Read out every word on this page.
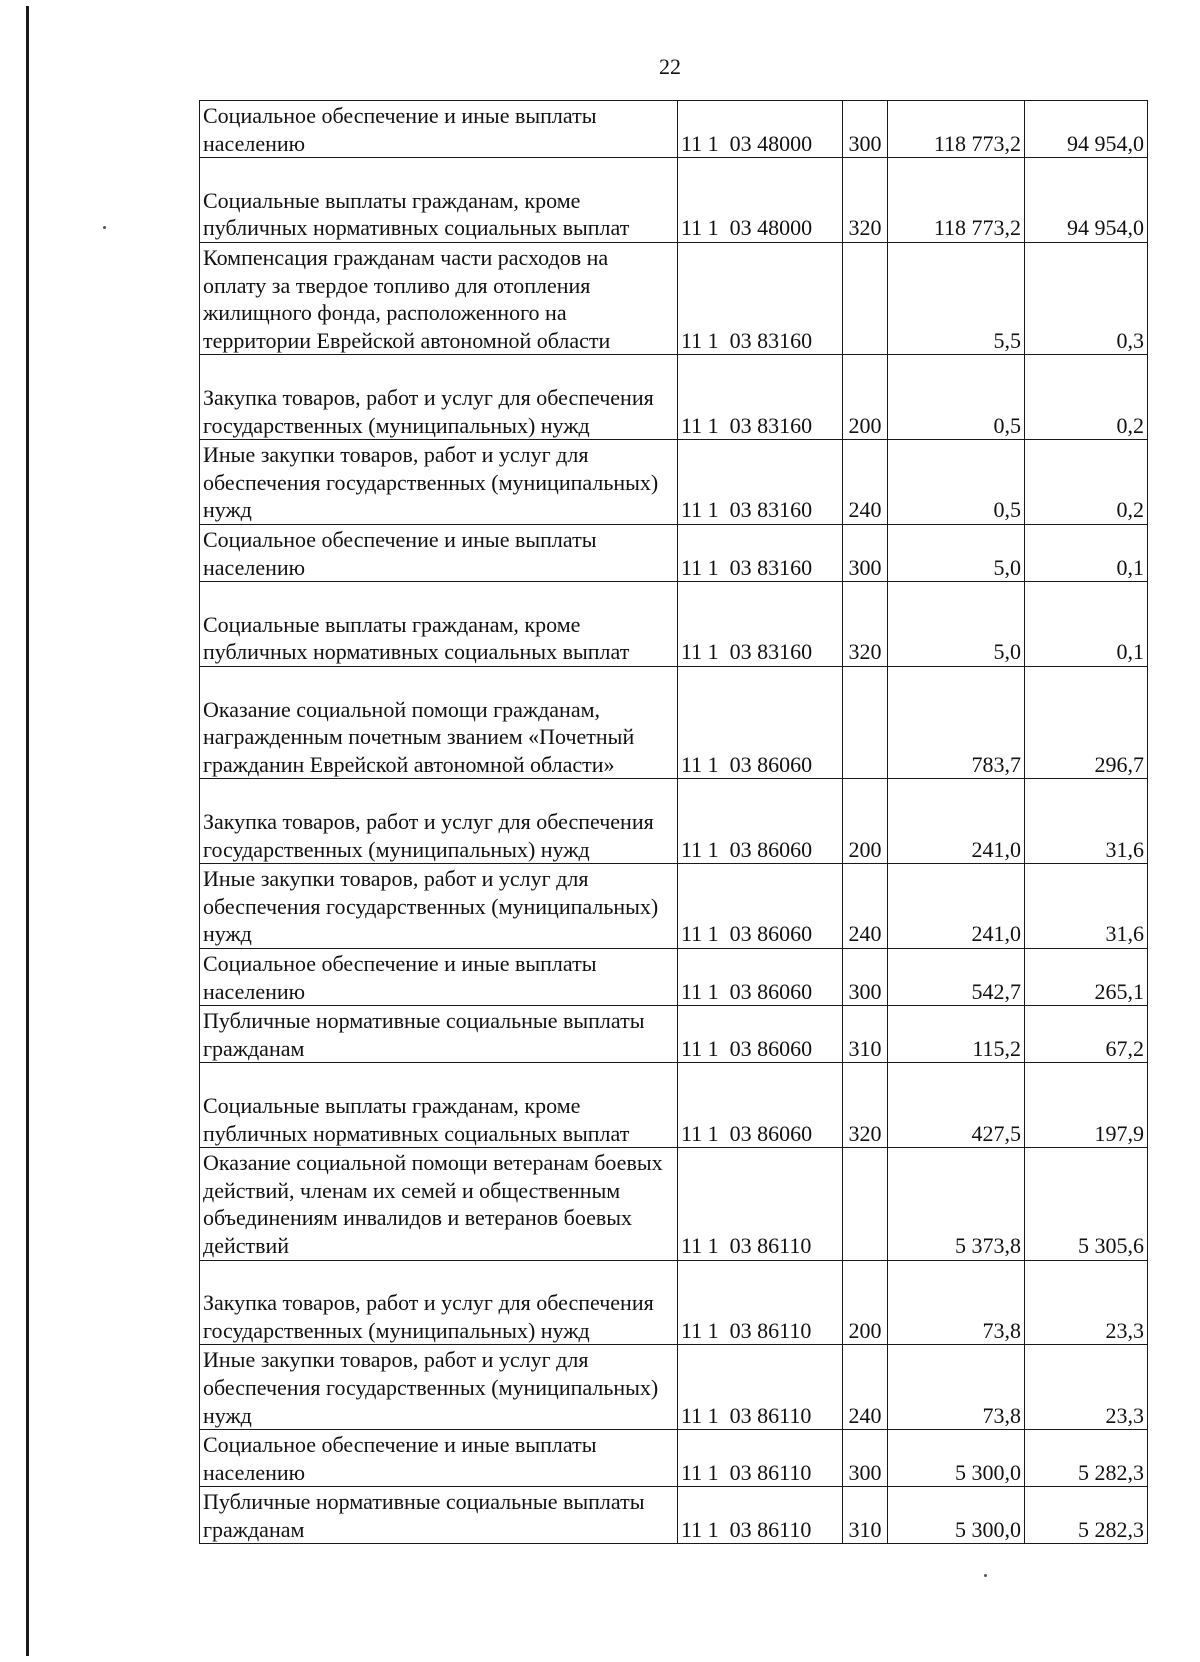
22
Социальное обеспечение и иные выплаты населению	11 1  03 48000	300	118 773,2	94 954,0
Социальные выплаты гражданам, кроме публичных нормативных социальных выплат	11 1  03 48000	320	118 773,2	94 954,0
Компенсация гражданам части расходов на оплату за твердое топливо для отопления жилищного фонда, расположенного на территории Еврейской автономной области	11 1  03 83160		5,5	0,3
Закупка товаров, работ и услуг для обеспечения государственных (муниципальных) нужд	11 1  03 83160	200	0,5	0,2
Иные закупки товаров, работ и услуг для обеспечения государственных (муниципальных) нужд	11 1  03 83160	240	0,5	0,2
Социальное обеспечение и иные выплаты населению	11 1  03 83160	300	5,0	0,1
Социальные выплаты гражданам, кроме публичных нормативных социальных выплат	11 1  03 83160	320	5,0	0,1
Оказание социальной помощи гражданам, награжденным почетным званием «Почетный гражданин Еврейской автономной области»	11 1  03 86060		783,7	296,7
Закупка товаров, работ и услуг для обеспечения государственных (муниципальных) нужд	11 1  03 86060	200	241,0	31,6
Иные закупки товаров, работ и услуг для обеспечения государственных (муниципальных) нужд	11 1  03 86060	240	241,0	31,6
Социальное обеспечение и иные выплаты населению	11 1  03 86060	300	542,7	265,1
Публичные нормативные социальные выплаты гражданам	11 1  03 86060	310	115,2	67,2
Социальные выплаты гражданам, кроме публичных нормативных социальных выплат	11 1  03 86060	320	427,5	197,9
Оказание социальной помощи ветеранам боевых действий, членам их семей и общественным объединениям инвалидов и ветеранов боевых действий	11 1  03 86110		5 373,8	5 305,6
Закупка товаров, работ и услуг для обеспечения государственных (муниципальных) нужд	11 1  03 86110	200	73,8	23,3
Иные закупки товаров, работ и услуг для обеспечения государственных (муниципальных) нужд	11 1  03 86110	240	73,8	23,3
Социальное обеспечение и иные выплаты населению	11 1  03 86110	300	5 300,0	5 282,3
Публичные нормативные социальные выплаты гражданам	11 1  03 86110	310	5 300,0	5 282,3
